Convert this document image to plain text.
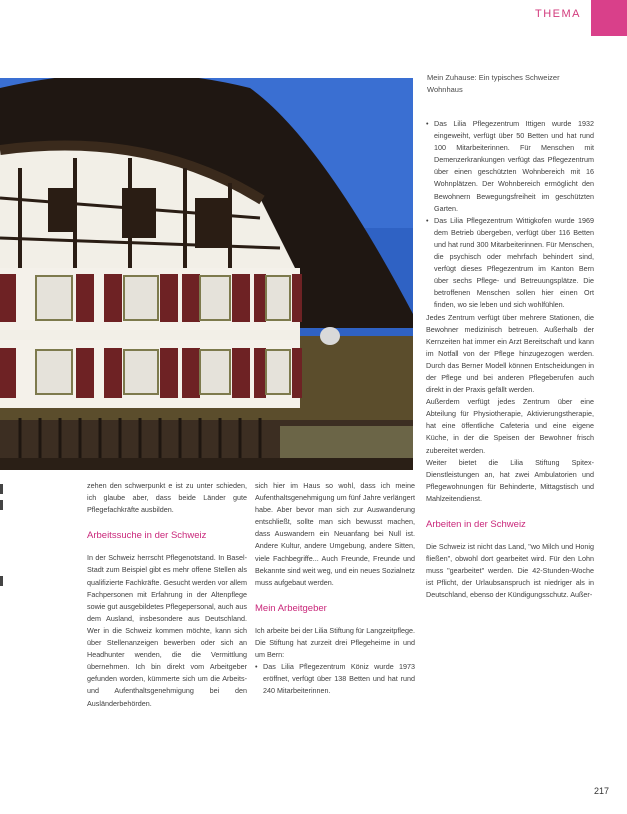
THEMA
Mein Zuhause: Ein typisches Schweizer Wohnhaus

zehen den schwerpunkt e ist zu unter schieden, ich glaube aber, dass beide Länder gute Pflegefachkräfte ausbilden.

Arbeitssuche in der Schweiz

In der Schweiz herrscht Pflegenotstand. In Basel-Stadt zum Beispiel gibt es mehr offene Stellen als qualifizierte Fachkräfte. Gesucht werden vor allem Fachpersonen mit Erfahrung in der Altenpflege sowie gut ausgebildetes Pflegepersonal, auch aus dem Ausland, insbesondere aus Deutschland. Wer in die Schweiz kommen möchte, kann sich über Stellenanzeigen bewerben oder sich an Headhunter wenden, die die Vermittlung übernehmen. Ich bin direkt vom Arbeitgeber gefunden worden, kümmerte sich um die Arbeits- und Aufenthaltsgenehmigung bei den Ausländerbehörden.

sich hier im Haus so wohl, dass ich meine Aufenthaltsgenehmigung um fünf Jahre verlängert habe. Aber bevor man sich zur Auswanderung entschließt, sollte man sich bewusst machen, dass Auswandern ein Neuanfang bei Null ist. Andere Kultur, andere Umgebung, andere Sitten, viele Fachbegriffe... Auch Freunde, Freunde und Bekannte sind weit weg, und ein neues Sozialnetz muss aufgebaut werden.

Mein Arbeitgeber

Ich arbeite bei der Lilia Stiftung für Langzeitpflege. Die Stiftung hat zurzeit drei Pflegeheime in und um Bern:

• Das Lilia Pflegezentrum Köniz wurde 1973 eröffnet, verfügt über 138 Betten und hat rund 240 Mitarbeiterinnen.
• Das Lilia Pflegezentrum Ittigen wurde 1932 eingeweiht, verfügt über 50 Betten und hat rund 100 Mitarbeiterinnen. Für Menschen mit Demenzerkrankungen verfügt das Pflegezentrum über einen geschützten Wohnbereich mit 16 Wohnplätzen. Der Wohnbereich ermöglicht den Bewohnern Bewegungsfreiheit im geschützten Garten.
• Das Lilia Pflegezentrum Wittigkofen wurde 1969 dem Betrieb übergeben, verfügt über 116 Betten und hat rund 300 Mitarbeiterinnen. Für Menschen, die psychisch oder mehrfach behindert sind, verfügt dieses Pflegezentrum im Kanton Bern über sechs Pflege- und Betreuungsplätze. Die betroffenen Menschen sollen hier einen Ort finden, wo sie leben und sich wohlfühlen.

Jedes Zentrum verfügt über mehrere Stationen, die Bewohner medizinisch betreuen. Außerhalb der Kernzeiten hat immer ein Arzt Bereitschaft und kann im Notfall von der Pflege hinzugezogen werden. Durch das Berner Modell können Entscheidungen in der Pflege und bei anderen Pflegeberufen auch direkt in der Praxis gefällt werden.

Außerdem verfügt jedes Zentrum über eine Abteilung für Physiotherapie, Aktivierungstherapie, hat eine öffentliche Cafeteria und eine eigene Küche, in der die Speisen der Bewohner frisch zubereitet werden.

Weiter bietet die Lilia Stiftung Spitex-Dienstleistungen an, hat zwei Ambulatorien und Pflegewohnungen für Behinderte, Mittagstisch und Mahlzeitendienst.

Arbeiten in der Schweiz

Die Schweiz ist nicht das Land, "wo Milch und Honig fließen", obwohl dort gearbeitet wird. Für den Lohn muss "gearbeitet" werden. Die 42-Stunden-Woche ist Pflicht, der Urlaubsanspruch ist niedriger als in Deutschland, ebenso der Kündigungsschutz. Außer-

217
